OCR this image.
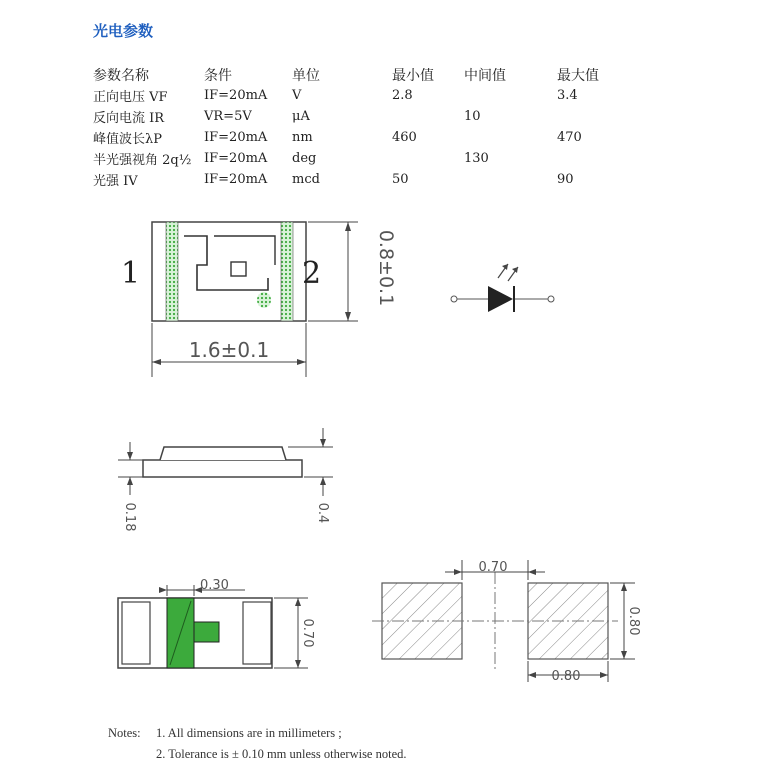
光电参数
参数名称	条件	单位	最小值	中间值	最大值
正向电压 VF	IF=20mA	V	2.8		3.4
反向电流 IR	VR=5V	μA		10	
峰值波长λP	IF=20mA	nm	460		470
半光强视角 2q½	IF=20mA	deg		130	
光强 IV	IF=20mA	mcd	50		90
1	2
1.6±0.1
0.8±0.1
0.18	0.4
0.30
0.70
0.70
0.80
0.80
Notes:	1. All dimensions are in millimeters ;
2. Tolerance is ± 0.10 mm unless otherwise noted.
